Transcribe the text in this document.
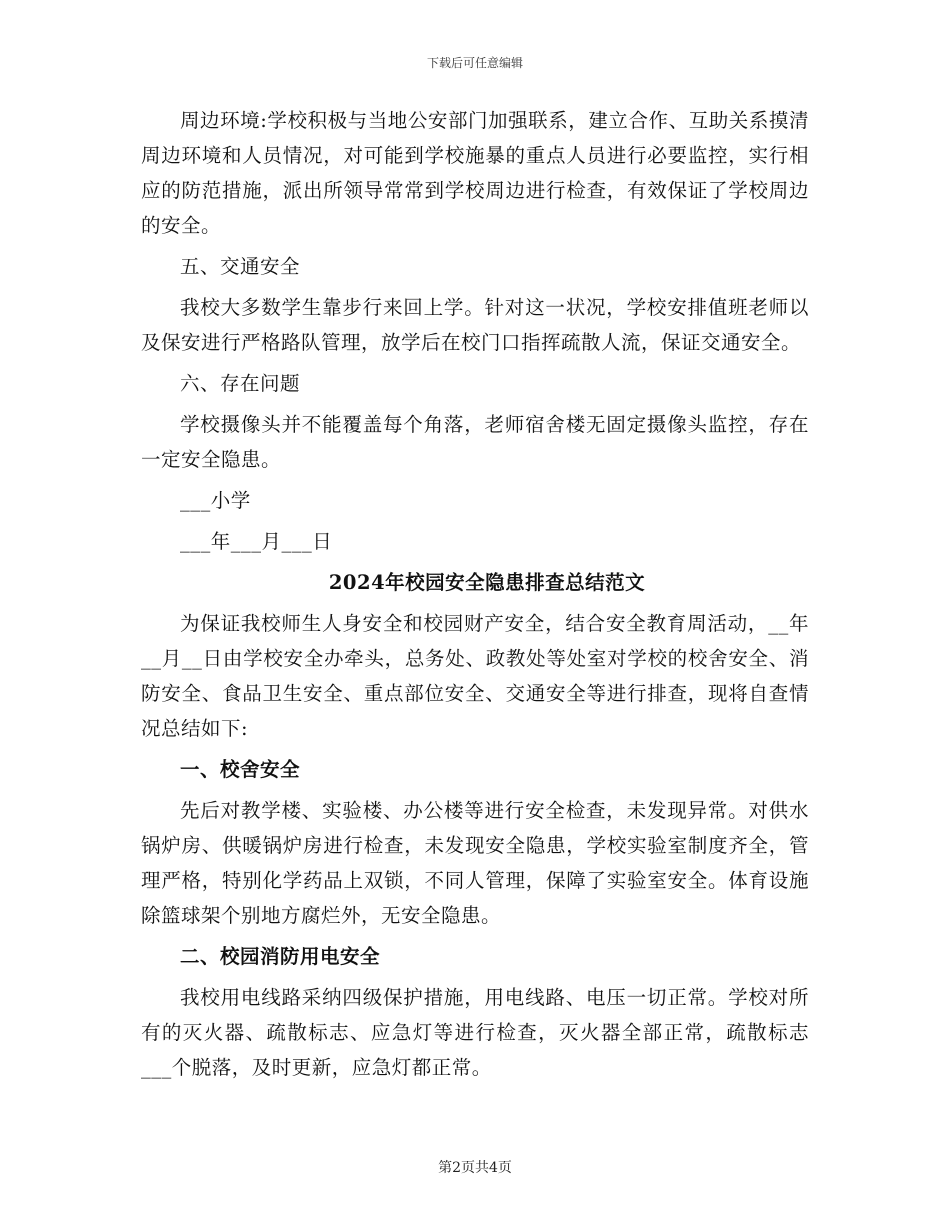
下载后可任意编辑

周边环境:学校积极与当地公安部门加强联系，建立合作、互助关系摸清周边环境和人员情况，对可能到学校施暴的重点人员进行必要监控，实行相应的防范措施，派出所领导常常到学校周边进行检查，有效保证了学校周边的安全。

五、交通安全

我校大多数学生靠步行来回上学。针对这一状况，学校安排值班老师以及保安进行严格路队管理，放学后在校门口指挥疏散人流，保证交通安全。

六、存在问题

学校摄像头并不能覆盖每个角落，老师宿舍楼无固定摄像头监控，存在一定安全隐患。

___小学

___年___月___日

2024年校园安全隐患排查总结范文

为保证我校师生人身安全和校园财产安全，结合安全教育周活动，__年__月__日由学校安全办牵头，总务处、政教处等处室对学校的校舍安全、消防安全、食品卫生安全、重点部位安全、交通安全等进行排查，现将自查情况总结如下:

一、校舍安全

先后对教学楼、实验楼、办公楼等进行安全检查，未发现异常。对供水锅炉房、供暖锅炉房进行检查，未发现安全隐患，学校实验室制度齐全，管理严格，特别化学药品上双锁，不同人管理，保障了实验室安全。体育设施除篮球架个别地方腐烂外，无安全隐患。

二、校园消防用电安全

我校用电线路采纳四级保护措施，用电线路、电压一切正常。学校对所有的灭火器、疏散标志、应急灯等进行检查，灭火器全部正常，疏散标志___个脱落，及时更新，应急灯都正常。

第2页共4页
